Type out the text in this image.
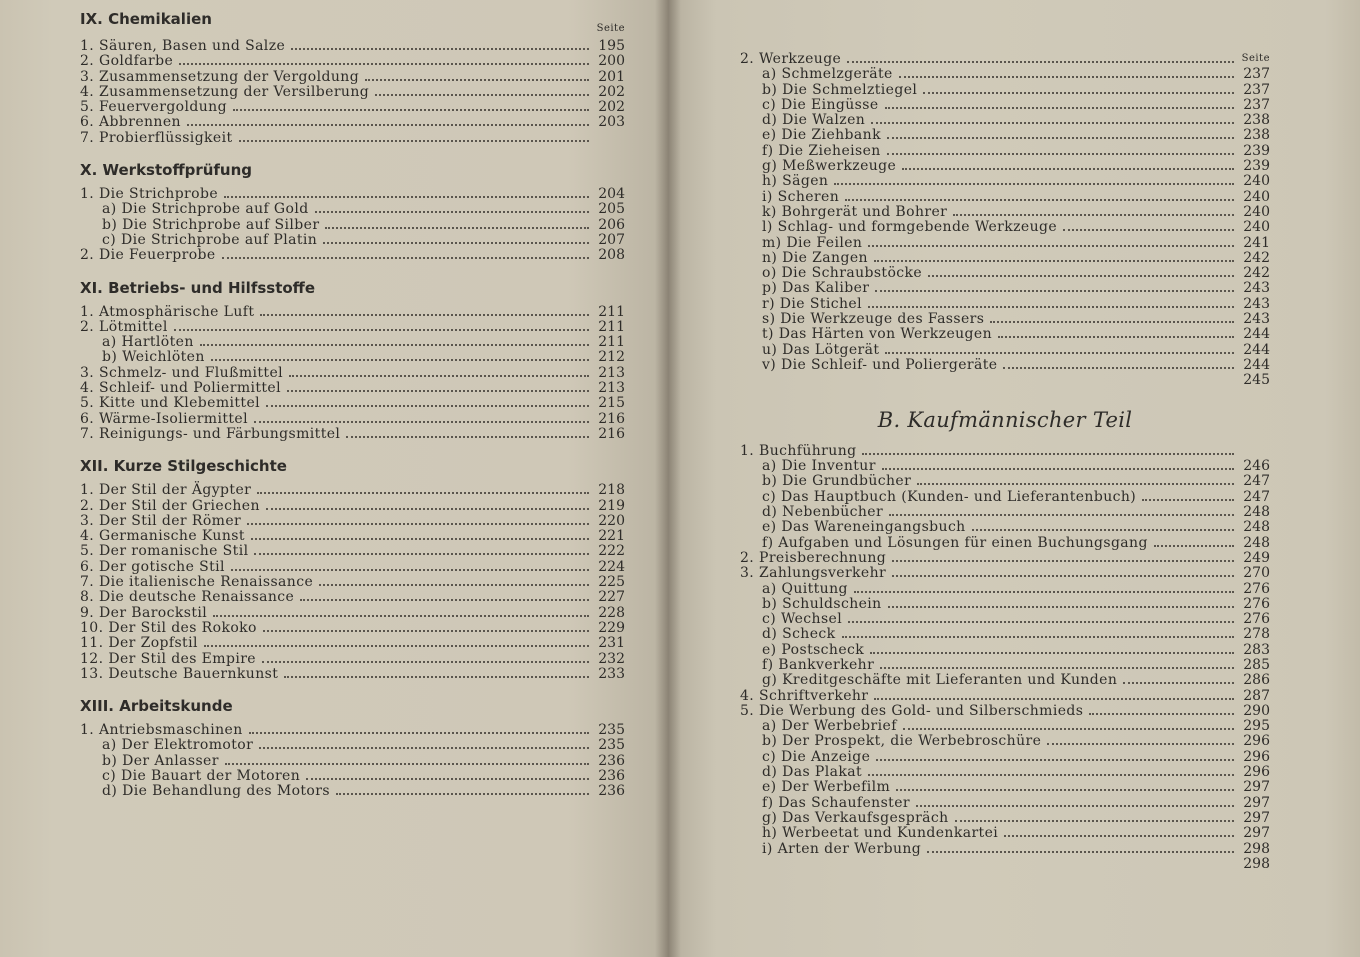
IX. Chemikalien
Seite
1. Säuren, Basen und Salze	195
2. Goldfarbe	200
3. Zusammensetzung der Vergoldung	201
4. Zusammensetzung der Versilberung	202
5. Feuervergoldung	202
6. Abbrennen	203
7. Probierflüssigkeit
X. Werkstoffprüfung
1. Die Strichprobe	204
a) Die Strichprobe auf Gold	205
b) Die Strichprobe auf Silber	206
c) Die Strichprobe auf Platin	207
2. Die Feuerprobe	208
XI. Betriebs- und Hilfsstoffe
1. Atmosphärische Luft	211
2. Lötmittel	211
a) Hartlöten	211
b) Weichlöten	212
3. Schmelz- und Flußmittel	213
4. Schleif- und Poliermittel	213
5. Kitte und Klebemittel	215
6. Wärme-Isoliermittel	216
7. Reinigungs- und Färbungsmittel	216
XII. Kurze Stilgeschichte
1. Der Stil der Ägypter	218
2. Der Stil der Griechen	219
3. Der Stil der Römer	220
4. Germanische Kunst	221
5. Der romanische Stil	222
6. Der gotische Stil	224
7. Die italienische Renaissance	225
8. Die deutsche Renaissance	227
9. Der Barockstil	228
10. Der Stil des Rokoko	229
11. Der Zopfstil	231
12. Der Stil des Empire	232
13. Deutsche Bauernkunst	233
XIII. Arbeitskunde
1. Antriebsmaschinen	235
a) Der Elektromotor	235
b) Der Anlasser	236
c) Die Bauart der Motoren	236
d) Die Behandlung des Motors	236
Seite
2. Werkzeuge
a) Schmelzgeräte	237
b) Die Schmelztiegel	237
c) Die Eingüsse	237
d) Die Walzen	238
e) Die Ziehbank	238
f) Die Zieheisen	239
g) Meßwerkzeuge	239
h) Sägen	240
i) Scheren	240
k) Bohrgerät und Bohrer	240
l) Schlag- und formgebende Werkzeuge	240
m) Die Feilen	241
n) Die Zangen	242
o) Die Schraubstöcke	242
p) Das Kaliber	243
r) Die Stichel	243
s) Die Werkzeuge des Fassers	243
t) Das Härten von Werkzeugen	244
u) Das Lötgerät	244
v) Die Schleif- und Poliergeräte	244
245
B. Kaufmännischer Teil
1. Buchführung
a) Die Inventur	246
b) Die Grundbücher	247
c) Das Hauptbuch (Kunden- und Lieferantenbuch)	247
d) Nebenbücher	248
e) Das Wareneingangsbuch	248
f) Aufgaben und Lösungen für einen Buchungsgang	248
2. Preisberechnung	249
3. Zahlungsverkehr	270
a) Quittung	276
b) Schuldschein	276
c) Wechsel	276
d) Scheck	278
e) Postscheck	283
f) Bankverkehr	285
g) Kreditgeschäfte mit Lieferanten und Kunden	286
4. Schriftverkehr	287
5. Die Werbung des Gold- und Silberschmieds	290
a) Der Werbebrief	295
b) Der Prospekt, die Werbebroschüre	296
c) Die Anzeige	296
d) Das Plakat	296
e) Der Werbefilm	297
f) Das Schaufenster	297
g) Das Verkaufsgespräch	297
h) Werbeetat und Kundenkartei	297
i) Arten der Werbung	298
298
